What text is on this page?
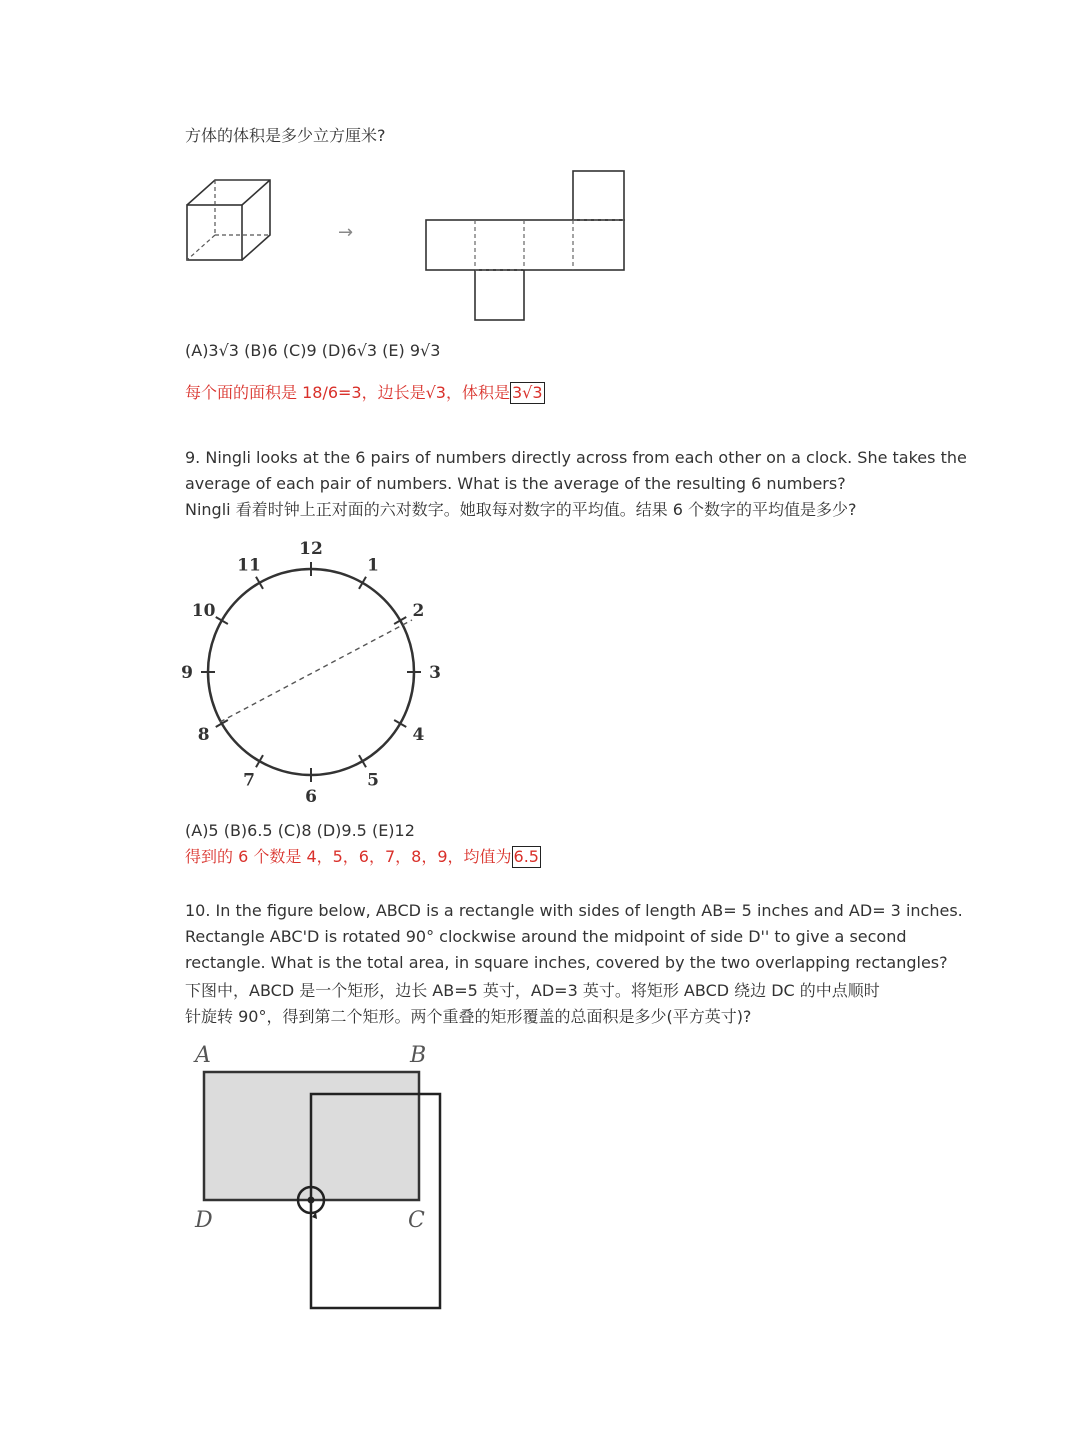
方体的体积是多少立方厘米?
→
(A)3√3 (B)6 (C)9 (D)6√3 (E) 9√3
每个面的面积是 18/6=3，边长是√3，体积是 3√3
9. Ningli looks at the 6 pairs of numbers directly across from each other on a clock. She takes the
average of each pair of numbers. What is the average of the resulting 6 numbers?
Ningli 看着时钟上正对面的六对数字。她取每对数字的平均值。结果 6 个数字的平均值是多少?
12
1
2
3
4
5
6
7
8
9
10
11
(A)5 (B)6.5 (C)8 (D)9.5 (E)12
得到的 6 个数是 4，5，6，7，8，9，均值为 6.5
10. In the figure below, ABCD is a rectangle with sides of length AB= 5 inches and AD= 3 inches.
Rectangle ABC'D is rotated 90° clockwise around the midpoint of side D'' to give a second
rectangle. What is the total area, in square inches, covered by the two overlapping rectangles?
下图中，ABCD 是一个矩形，边长 AB=5 英寸，AD=3 英寸。将矩形 ABCD 绕边 DC 的中点顺时
针旋转 90°，得到第二个矩形。两个重叠的矩形覆盖的总面积是多少(平方英寸)?
A	B
C
D
